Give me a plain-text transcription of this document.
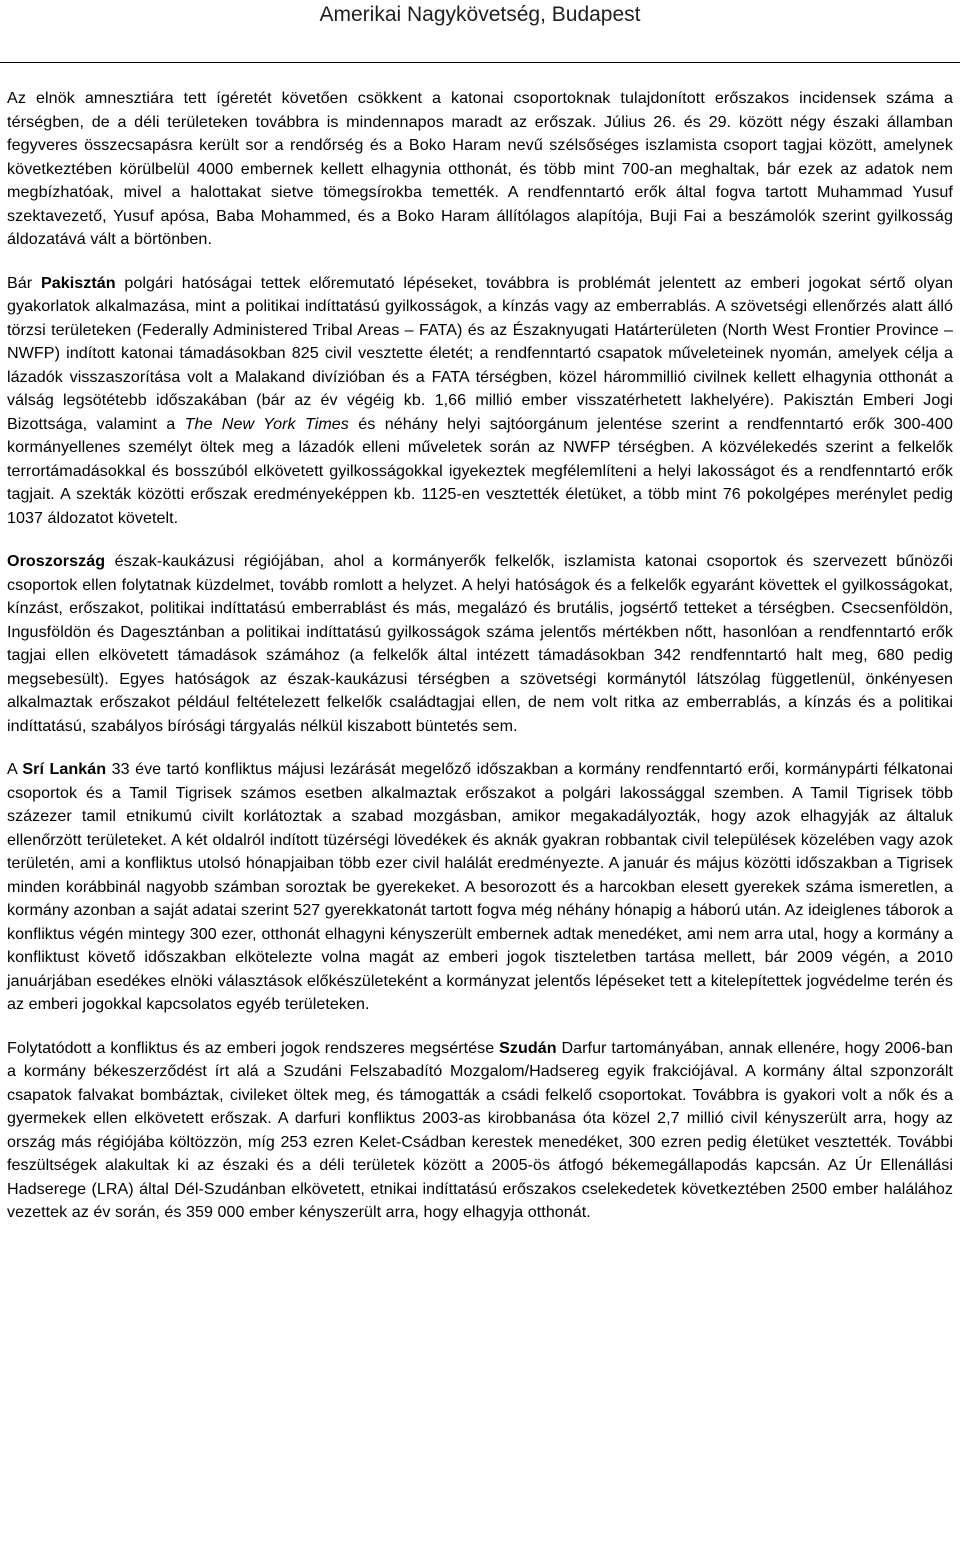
Amerikai Nagykövetség, Budapest

Az elnök amnesztiára tett ígéretét követően csökkent a katonai csoportoknak tulajdonított erőszakos incidensek száma a térségben, de a déli területeken továbbra is mindennapos maradt az erőszak. Július 26. és 29. között négy északi államban fegyveres összecsapásra került sor a rendőrség és a Boko Haram nevű szélsőséges iszlamista csoport tagjai között, amelynek következtében körülbelül 4000 embernek kellett elhagynia otthonát, és több mint 700-an meghaltak, bár ezek az adatok nem megbízhatóak, mivel a halottakat sietve tömegsírokba temették. A rendfenntartó erők által fogva tartott Muhammad Yusuf szektavezető, Yusuf apósa, Baba Mohammed, és a Boko Haram állítólagos alapítója, Buji Fai a beszámolók szerint gyilkosság áldozatává vált a börtönben.

Bár Pakisztán polgári hatóságai tettek előremutató lépéseket, továbbra is problémát jelentett az emberi jogokat sértő olyan gyakorlatok alkalmazása, mint a politikai indíttatású gyilkosságok, a kínzás vagy az emberrablás. A szövetségi ellenőrzés alatt álló törzsi területeken (Federally Administered Tribal Areas – FATA) és az Északnyugati Határterületen (North West Frontier Province – NWFP) indított katonai támadásokban 825 civil vesztette életét; a rendfenntartó csapatok műveleteinek nyomán, amelyek célja a lázadók visszaszorítása volt a Malakand divízióban és a FATA térségben, közel hárommillió civilnek kellett elhagynia otthonát a válság legsötétebb időszakában (bár az év végéig kb. 1,66 millió ember visszatérhetett lakhelyére). Pakisztán Emberi Jogi Bizottsága, valamint a The New York Times és néhány helyi sajtóorgánum jelentése szerint a rendfenntartó erők 300-400 kormányellenes személyt öltek meg a lázadók elleni műveletek során az NWFP térségben. A közvélekedés szerint a felkelők terrortámadásokkal és bosszúból elkövetett gyilkosságokkal igyekeztek megfélemlíteni a helyi lakosságot és a rendfenntartó erők tagjait. A szekták közötti erőszak eredményeképpen kb. 1125-en vesztették életüket, a több mint 76 pokolgépes merénylet pedig 1037 áldozatot követelt.

Oroszország észak-kaukázusi régiójában, ahol a kormányerők felkelők, iszlamista katonai csoportok és szervezett bűnözői csoportok ellen folytatnak küzdelmet, tovább romlott a helyzet. A helyi hatóságok és a felkelők egyaránt követtek el gyilkosságokat, kínzást, erőszakot, politikai indíttatású emberrablást és más, megalázó és brutális, jogsértő tetteket a térségben. Csecsenföldön, Ingusföldön és Dagesztánban a politikai indíttatású gyilkosságok száma jelentős mértékben nőtt, hasonlóan a rendfenntartó erők tagjai ellen elkövetett támadások számához (a felkelők által intézett támadásokban 342 rendfenntartó halt meg, 680 pedig megsebesült). Egyes hatóságok az észak-kaukázusi térségben a szövetségi kormánytól látszólag függetlenül, önkényesen alkalmaztak erőszakot például feltételezett felkelők családtagjai ellen, de nem volt ritka az emberrablás, a kínzás és a politikai indíttatású, szabályos bírósági tárgyalás nélkül kiszabott büntetés sem.

A Srí Lankán 33 éve tartó konfliktus májusi lezárását megelőző időszakban a kormány rendfenntartó erői, kormánypárti félkatonai csoportok és a Tamil Tigrisek számos esetben alkalmaztak erőszakot a polgári lakossággal szemben. A Tamil Tigrisek több százezer tamil etnikumú civilt korlátoztak a szabad mozgásban, amikor megakadályozták, hogy azok elhagyják az általuk ellenőrzött területeket. A két oldalról indított tüzérségi lövedékek és aknák gyakran robbantak civil települések közelében vagy azok területén, ami a konfliktus utolsó hónapjaiban több ezer civil halálát eredményezte. A január és május közötti időszakban a Tigrisek minden korábbinál nagyobb számban soroztak be gyerekeket. A besorozott és a harcokban elesett gyerekek száma ismeretlen, a kormány azonban a saját adatai szerint 527 gyerekkatonát tartott fogva még néhány hónapig a háború után. Az ideiglenes táborok a konfliktus végén mintegy 300 ezer, otthonát elhagyni kényszerült embernek adtak menedéket, ami nem arra utal, hogy a kormány a konfliktust követő időszakban elkötelezte volna magát az emberi jogok tiszteletben tartása mellett, bár 2009 végén, a 2010 januárjában esedékes elnöki választások előkészületeként a kormányzat jelentős lépéseket tett a kitelepítettek jogvédelme terén és az emberi jogokkal kapcsolatos egyéb területeken.

Folytatódott a konfliktus és az emberi jogok rendszeres megsértése Szudán Darfur tartományában, annak ellenére, hogy 2006-ban a kormány békeszerződést írt alá a Szudáni Felszabadító Mozgalom/Hadsereg egyik frakciójával. A kormány által szponzorált csapatok falvakat bombáztak, civileket öltek meg, és támogatták a csádi felkelő csoportokat. Továbbra is gyakori volt a nők és a gyermekek ellen elkövetett erőszak. A darfuri konfliktus 2003-as kirobbanása óta közel 2,7 millió civil kényszerült arra, hogy az ország más régiójába költözzön, míg 253 ezren Kelet-Csádban kerestek menedéket, 300 ezren pedig életüket vesztették. További feszültségek alakultak ki az északi és a déli területek között a 2005-ös átfogó békemegállapodás kapcsán. Az Úr Ellenállási Hadserege (LRA) által Dél-Szudánban elkövetett, etnikai indíttatású erőszakos cselekedetek következtében 2500 ember halálához vezettek az év során, és 359 000 ember kényszerült arra, hogy elhagyja otthonát.
